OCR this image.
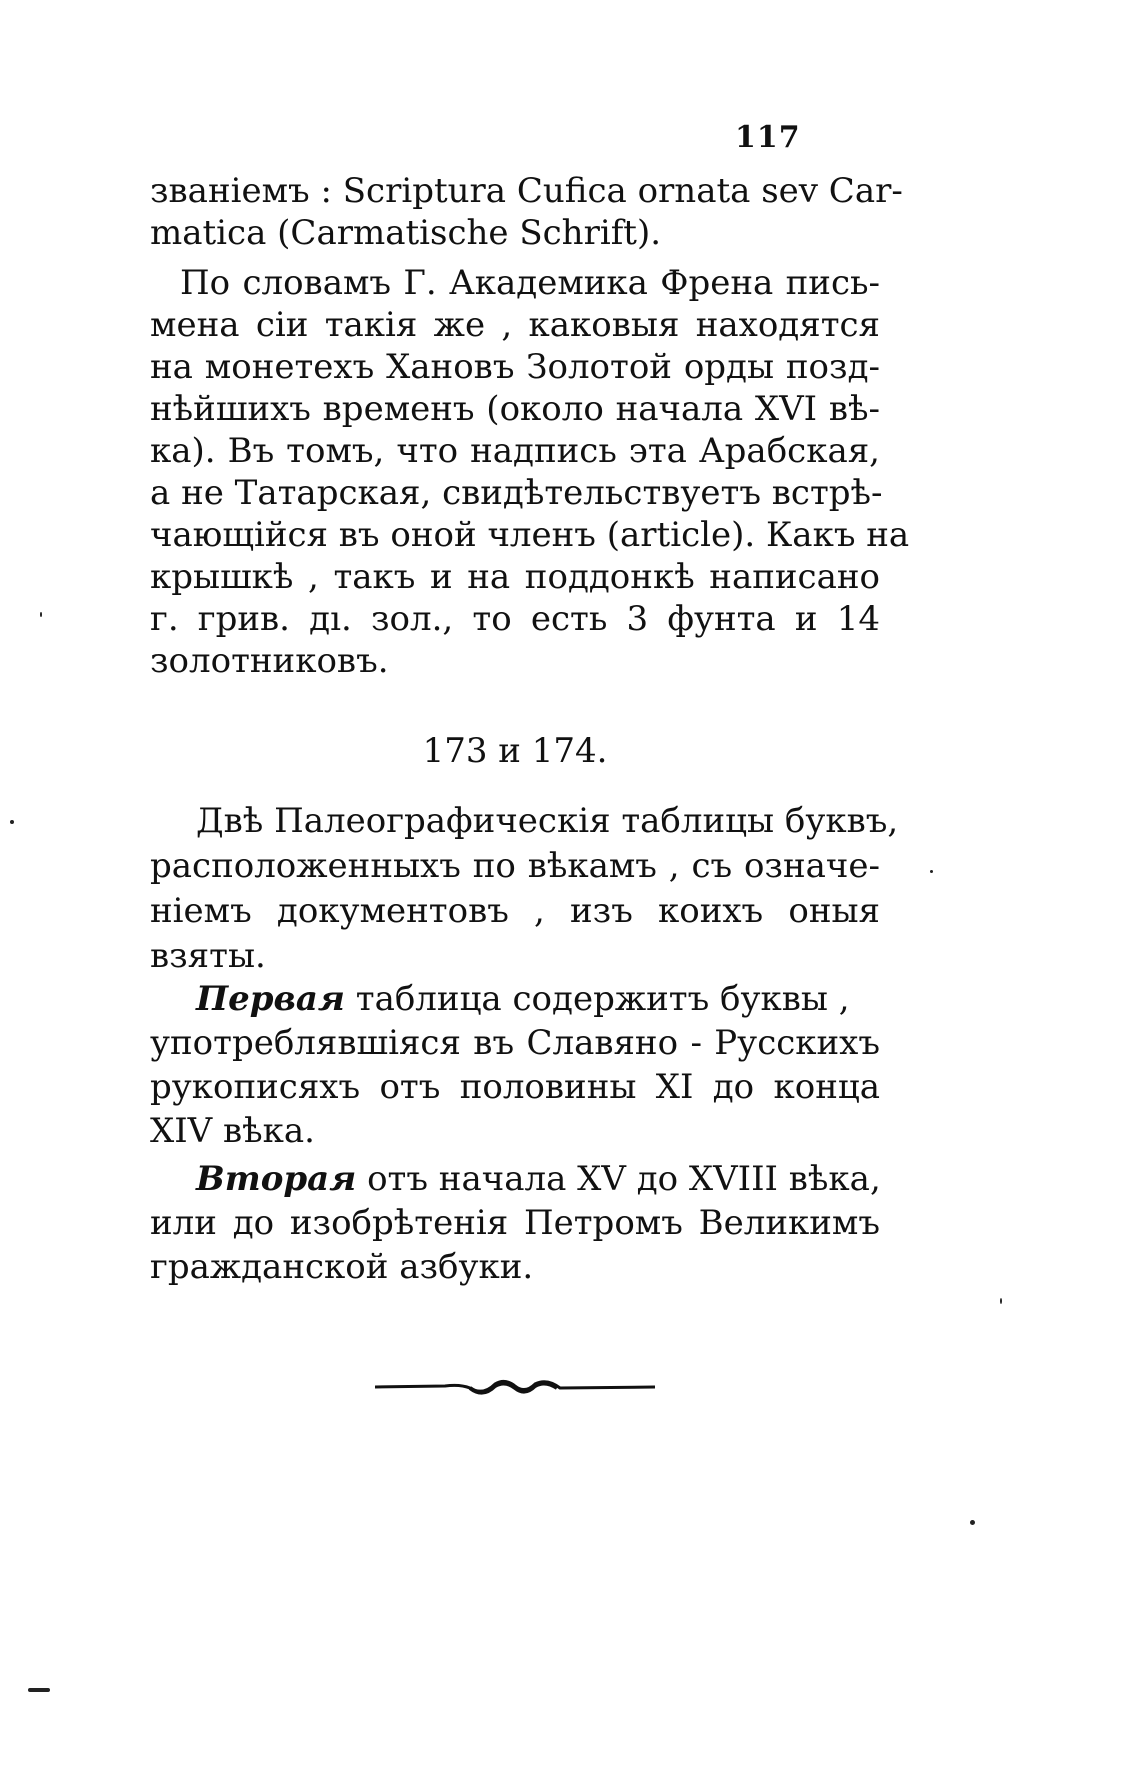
117
званіемъ : Scriptura Cufica ornata sev Car-
matica (Carmatische Schrift).
По словамъ Г. Академика Френа пись-
мена сіи такія же , каковыя находятся
на монетехъ Хановъ Золотой орды позд-
нѣйшихъ временъ (около начала XVI вѣ-
ка). Въ томъ, что надпись эта Арабская,
а не Татарская, свидѣтельствуетъ встрѣ-
чающійся въ оной членъ (article). Какъ на
крышкѣ , такъ и на поддонкѣ написано
г. грив. дı. зол., то есть 3 фунта и 14
золотниковъ.
173 и 174.
Двѣ Палеографическія таблицы буквъ,
расположенныхъ по вѣкамъ , съ означе-
ніемъ документовъ , изъ коихъ оныя
взяты.
Первая таблица содержитъ буквы ,
употреблявшіяся въ Славяно - Русскихъ
рукописяхъ отъ половины XI до конца
XIV вѣка.
Вторая отъ начала XV до XVIII вѣка,
или до изобрѣтенія Петромъ Великимъ
гражданской азбуки.
